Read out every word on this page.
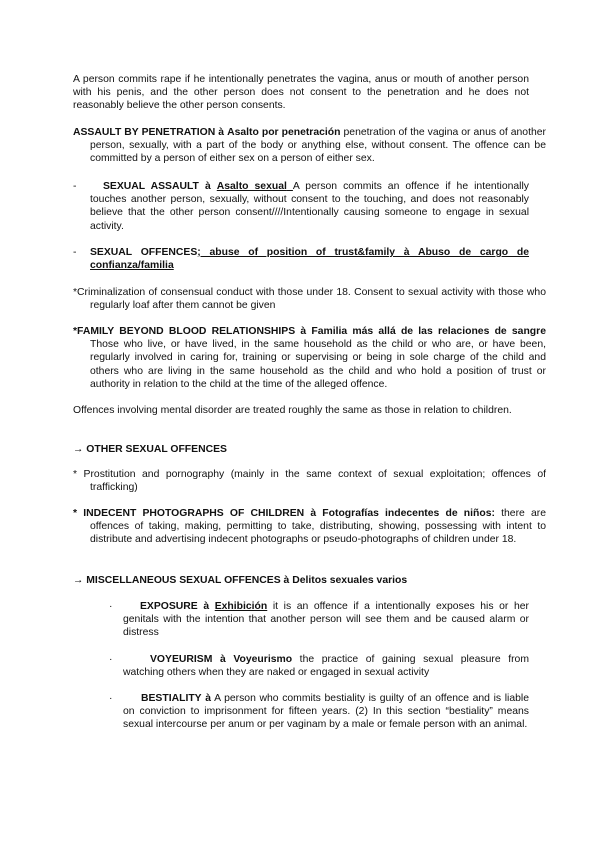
A person commits rape if he intentionally penetrates the vagina, anus or mouth of another person with his penis, and the other person does not consent to the penetration and he does not reasonably believe the other person consents.
ASSAULT BY PENETRATION à Asalto por penetración penetration of the vagina or anus of another person, sexually, with a part of the body or anything else, without consent. The offence can be committed by a person of either sex on a person of either sex.
-	SEXUAL ASSAULT à Asalto sexual A person commits an offence if he intentionally touches another person, sexually, without consent to the touching, and does not reasonably believe that the other person consent////Intentionally causing someone to engage in sexual activity.
-	SEXUAL OFFENCES; abuse of position of trust&family à Abuso de cargo de confianza/familia
*Criminalization of consensual conduct with those under 18. Consent to sexual activity with those who regularly loaf after them cannot be given
*FAMILY BEYOND BLOOD RELATIONSHIPS à Familia más allá de las relaciones de sangre Those who live, or have lived, in the same household as the child or who are, or have been, regularly involved in caring for, training or supervising or being in sole charge of the child and others who are living in the same household as the child and who hold a position of trust or authority in relation to the child at the time of the alleged offence.
Offences involving mental disorder are treated roughly the same as those in relation to children.
→ OTHER SEXUAL OFFENCES
* Prostitution and pornography (mainly in the same context of sexual exploitation; offences of trafficking)
* INDECENT PHOTOGRAPHS OF CHILDREN à Fotografías indecentes de niños: there are offences of taking, making, permitting to take, distributing, showing, possessing with intent to distribute and advertising indecent photographs or pseudo-photographs of children under 18.
→ MISCELLANEOUS SEXUAL OFFENCES à Delitos sexuales varios
·	EXPOSURE à Exhibición it is an offence if a intentionally exposes his or her genitals with the intention that another person will see them and be caused alarm or distress
·	VOYEURISM à Voyeurismo the practice of gaining sexual pleasure from watching others when they are naked or engaged in sexual activity
·	BESTIALITY à A person who commits bestiality is guilty of an offence and is liable on conviction to imprisonment for fifteen years. (2) In this section “bestiality” means sexual intercourse per anum or per vaginam by a male or female person with an animal.
